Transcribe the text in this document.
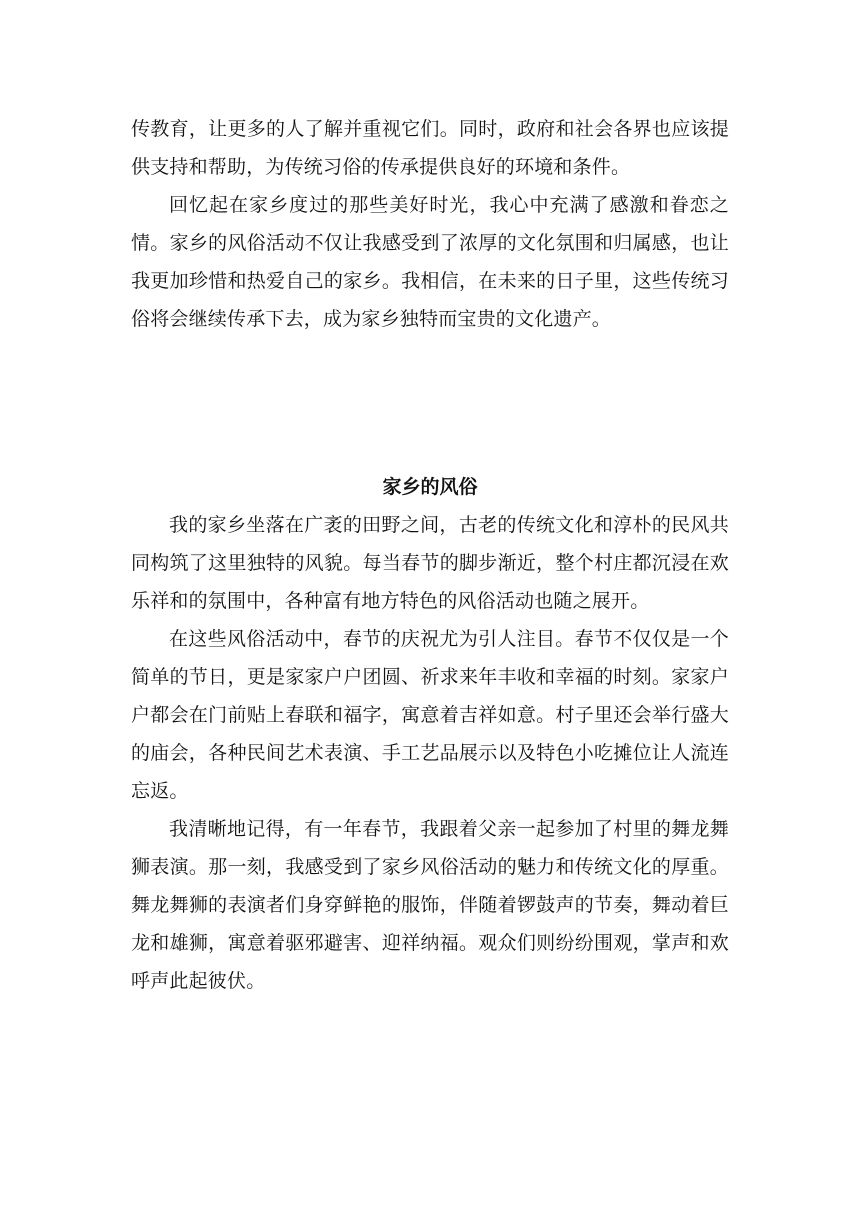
传教育，让更多的人了解并重视它们。同时，政府和社会各界也应该提供支持和帮助，为传统习俗的传承提供良好的环境和条件。

回忆起在家乡度过的那些美好时光，我心中充满了感激和眷恋之情。家乡的风俗活动不仅让我感受到了浓厚的文化氛围和归属感，也让我更加珍惜和热爱自己的家乡。我相信，在未来的日子里，这些传统习俗将会继续传承下去，成为家乡独特而宝贵的文化遗产。

家乡的风俗

我的家乡坐落在广袤的田野之间，古老的传统文化和淳朴的民风共同构筑了这里独特的风貌。每当春节的脚步渐近，整个村庄都沉浸在欢乐祥和的氛围中，各种富有地方特色的风俗活动也随之展开。

在这些风俗活动中，春节的庆祝尤为引人注目。春节不仅仅是一个简单的节日，更是家家户户团圆、祈求来年丰收和幸福的时刻。家家户户都会在门前贴上春联和福字，寓意着吉祥如意。村子里还会举行盛大的庙会，各种民间艺术表演、手工艺品展示以及特色小吃摊位让人流连忘返。

我清晰地记得，有一年春节，我跟着父亲一起参加了村里的舞龙舞狮表演。那一刻，我感受到了家乡风俗活动的魅力和传统文化的厚重。舞龙舞狮的表演者们身穿鲜艳的服饰，伴随着锣鼓声的节奏，舞动着巨龙和雄狮，寓意着驱邪避害、迎祥纳福。观众们则纷纷围观，掌声和欢呼声此起彼伏。
